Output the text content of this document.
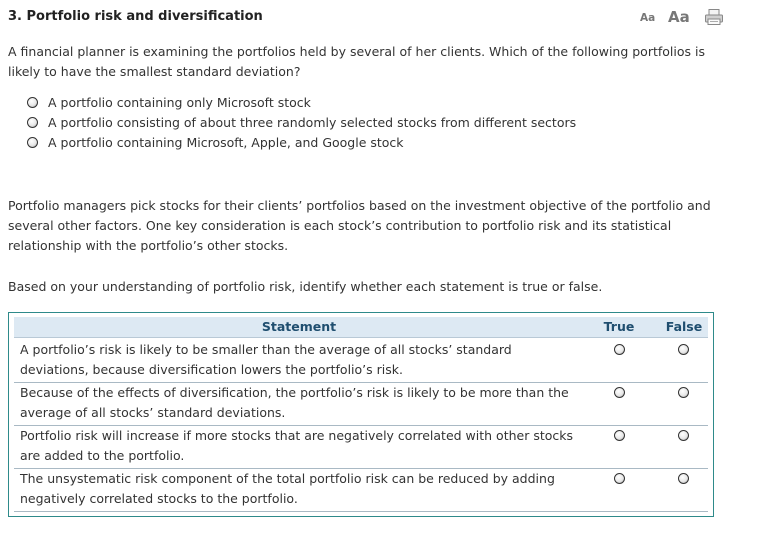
3. Portfolio risk and diversification	Aa Aa
A financial planner is examining the portfolios held by several of her clients. Which of the following portfolios is likely to have the smallest standard deviation?
A portfolio containing only Microsoft stock
A portfolio consisting of about three randomly selected stocks from different sectors
A portfolio containing Microsoft, Apple, and Google stock
Portfolio managers pick stocks for their clients’ portfolios based on the investment objective of the portfolio and several other factors. One key consideration is each stock’s contribution to portfolio risk and its statistical relationship with the portfolio’s other stocks.
Based on your understanding of portfolio risk, identify whether each statement is true or false.
Statement	True	False
A portfolio’s risk is likely to be smaller than the average of all stocks’ standard deviations, because diversification lowers the portfolio’s risk.
Because of the effects of diversification, the portfolio’s risk is likely to be more than the average of all stocks’ standard deviations.
Portfolio risk will increase if more stocks that are negatively correlated with other stocks are added to the portfolio.
The unsystematic risk component of the total portfolio risk can be reduced by adding negatively correlated stocks to the portfolio.
